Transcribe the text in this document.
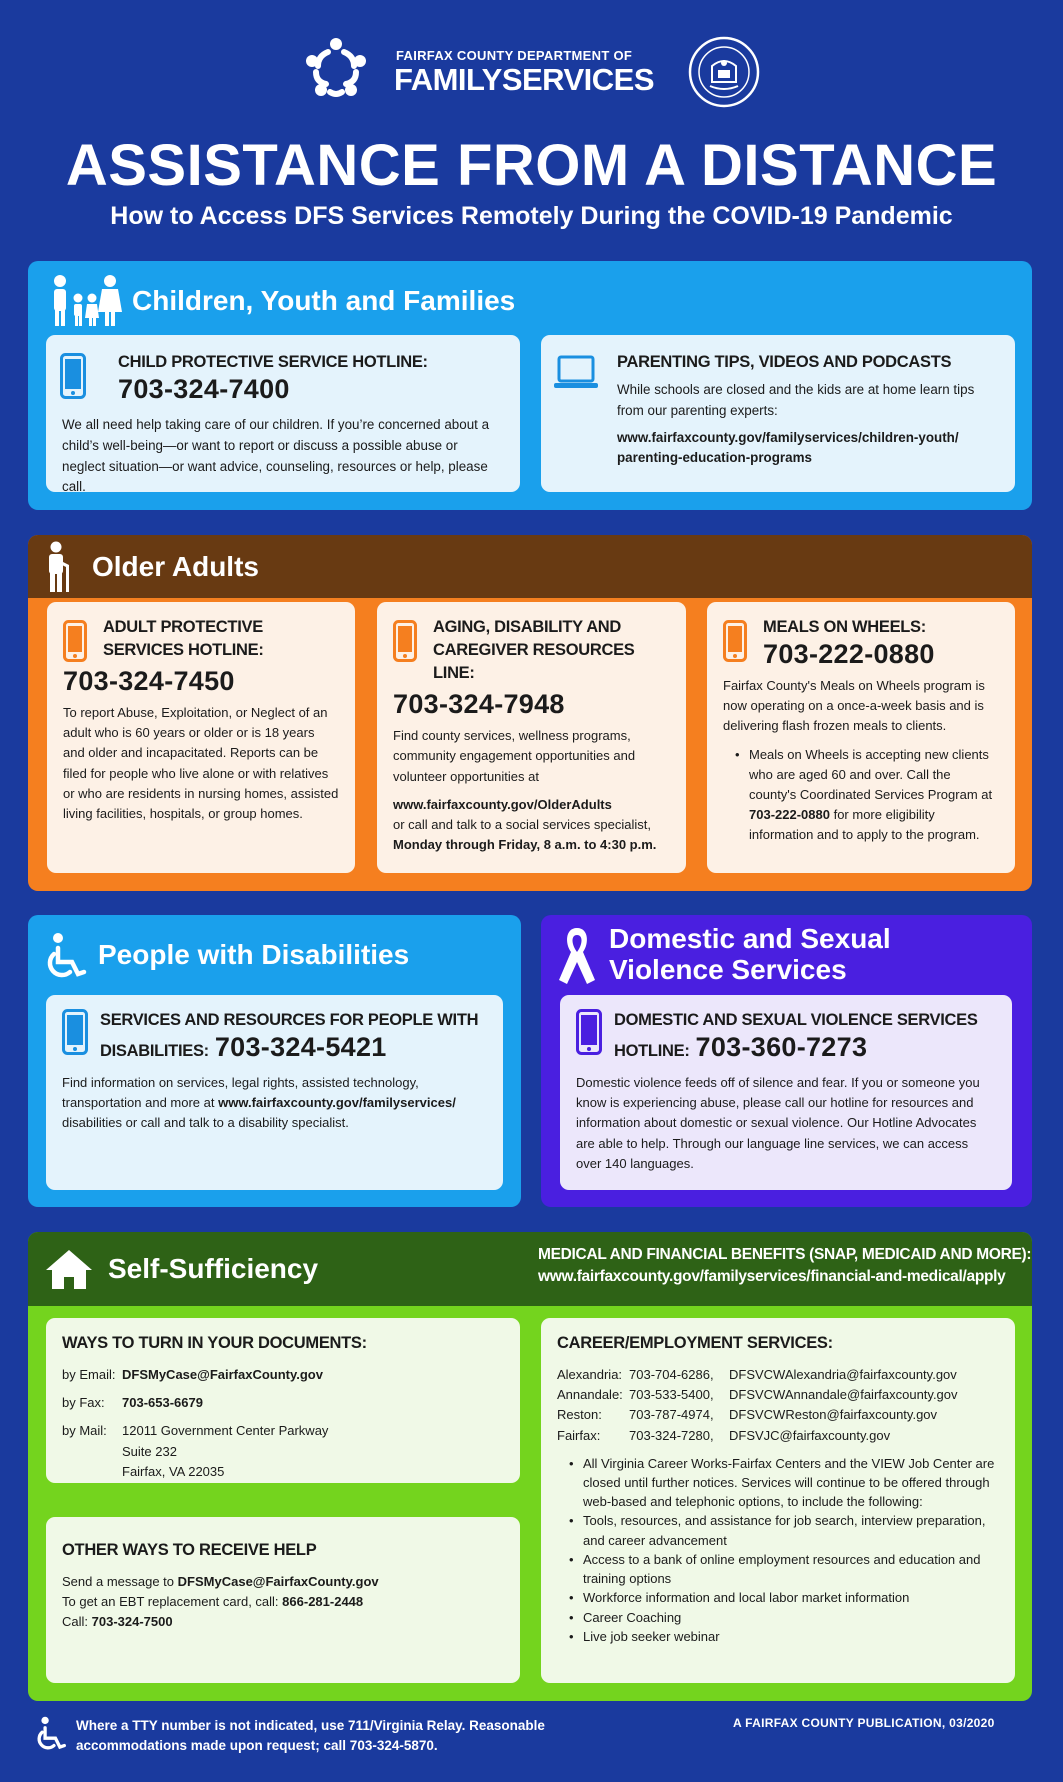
FAIRFAX COUNTY DEPARTMENT OF
FAMILYSERVICES
ASSISTANCE FROM A DISTANCE
How to Access DFS Services Remotely During the COVID-19 Pandemic
Children, Youth and Families
CHILD PROTECTIVE SERVICE HOTLINE:
703-324-7400
We all need help taking care of our children. If you’re concerned about a child’s well-being—or want to report or discuss a possible abuse or neglect situation—or want advice, counseling, resources or help, please call.
PARENTING TIPS, VIDEOS AND PODCASTS
While schools are closed and the kids are at home learn tips from our parenting experts:
www.fairfaxcounty.gov/familyservices/children-youth/
parenting-education-programs
Older Adults
ADULT PROTECTIVE
SERVICES HOTLINE:
703-324-7450
To report Abuse, Exploitation, or Neglect of an adult who is 60 years or older or is 18 years and older and incapacitated. Reports can be filed for people who live alone or with relatives or who are residents in nursing homes, assisted living facilities, hospitals, or group homes.
AGING, DISABILITY AND
CAREGIVER RESOURCES LINE:
703-324-7948
Find county services, wellness programs, community engagement opportunities and volunteer opportunities at
www.fairfaxcounty.gov/OlderAdults
or call and talk to a social services specialist,
Monday through Friday, 8 a.m. to 4:30 p.m.
MEALS ON WHEELS:
703-222-0880
Fairfax County's Meals on Wheels program is now operating on a once-a-week basis and is delivering flash frozen meals to clients.
• Meals on Wheels is accepting new clients who are aged 60 and over. Call the county's Coordinated Services Program at 703-222-0880 for more eligibility information and to apply to the program.
People with Disabilities
SERVICES AND RESOURCES FOR PEOPLE WITH
DISABILITIES: 703-324-5421
Find information on services, legal rights, assisted technology, transportation and more at www.fairfaxcounty.gov/familyservices/ disabilities or call and talk to a disability specialist.
Domestic and Sexual
Violence Services
DOMESTIC AND SEXUAL VIOLENCE SERVICES
HOTLINE: 703-360-7273
Domestic violence feeds off of silence and fear. If you or someone you know is experiencing abuse, please call our hotline for resources and information about domestic or sexual violence. Our Hotline Advocates are able to help. Through our language line services, we can access over 140 languages.
Self-Sufficiency	MEDICAL AND FINANCIAL BENEFITS (SNAP, MEDICAID AND MORE):
www.fairfaxcounty.gov/familyservices/financial-and-medical/apply
WAYS TO TURN IN YOUR DOCUMENTS:
by Email: DFSMyCase@FairfaxCounty.gov
by Fax:	703-653-6679
by Mail:	12011 Government Center Parkway
Suite 232
Fairfax, VA 22035
OTHER WAYS TO RECEIVE HELP
Send a message to DFSMyCase@FairfaxCounty.gov
To get an EBT replacement card, call: 866-281-2448
Call: 703-324-7500
CAREER/EMPLOYMENT SERVICES:
Alexandria: 703-704-6286,	DFSVCWAlexandria@fairfaxcounty.gov
Annandale: 703-533-5400,	DFSVCWAnnandale@fairfaxcounty.gov
Reston:	703-787-4974,	DFSVCWReston@fairfaxcounty.gov
Fairfax:	703-324-7280,	DFSVJC@fairfaxcounty.gov
• All Virginia Career Works-Fairfax Centers and the VIEW Job Center are closed until further notices. Services will continue to be offered through web-based and telephonic options, to include the following:
• Tools, resources, and assistance for job search, interview preparation, and career advancement
• Access to a bank of online employment resources and education and training options
• Workforce information and local labor market information
• Career Coaching
• Live job seeker webinar
Where a TTY number is not indicated, use 711/Virginia Relay. Reasonable
accommodations made upon request; call 703-324-5870.
A FAIRFAX COUNTY PUBLICATION, 03/2020
